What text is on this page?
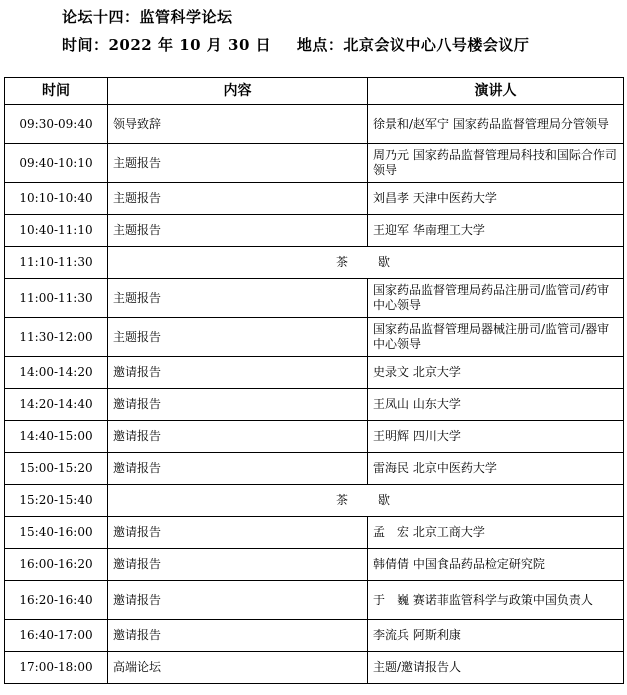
论坛十四：监管科学论坛
时间：2022 年 10 月 30 日 地点：北京会议中心八号楼会议厅
时间	内容	演讲人
09:30-09:40	领导致辞	徐景和/赵军宁 国家药品监督管理局分管领导
09:40-10:10	主题报告	周乃元 国家药品监督管理局科技和国际合作司领导
10:10-10:40	主题报告	刘昌孝 天津中医药大学
10:40-11:10	主题报告	王迎军 华南理工大学
11:10-11:30	茶歇	
11:00-11:30	主题报告	国家药品监督管理局药品注册司/监管司/药审中心领导
11:30-12:00	主题报告	国家药品监督管理局器械注册司/监管司/器审中心领导
14:00-14:20	邀请报告	史录文 北京大学
14:20-14:40	邀请报告	王凤山 山东大学
14:40-15:00	邀请报告	王明辉 四川大学
15:00-15:20	邀请报告	雷海民 北京中医药大学
15:20-15:40	茶歇	
15:40-16:00	邀请报告	孟　宏 北京工商大学
16:00-16:20	邀请报告	韩倩倩 中国食品药品检定研究院
16:20-16:40	邀请报告	于　巍 赛诺菲监管科学与政策中国负责人
16:40-17:00	邀请报告	李流兵 阿斯利康
17:00-18:00	高端论坛	主题/邀请报告人
